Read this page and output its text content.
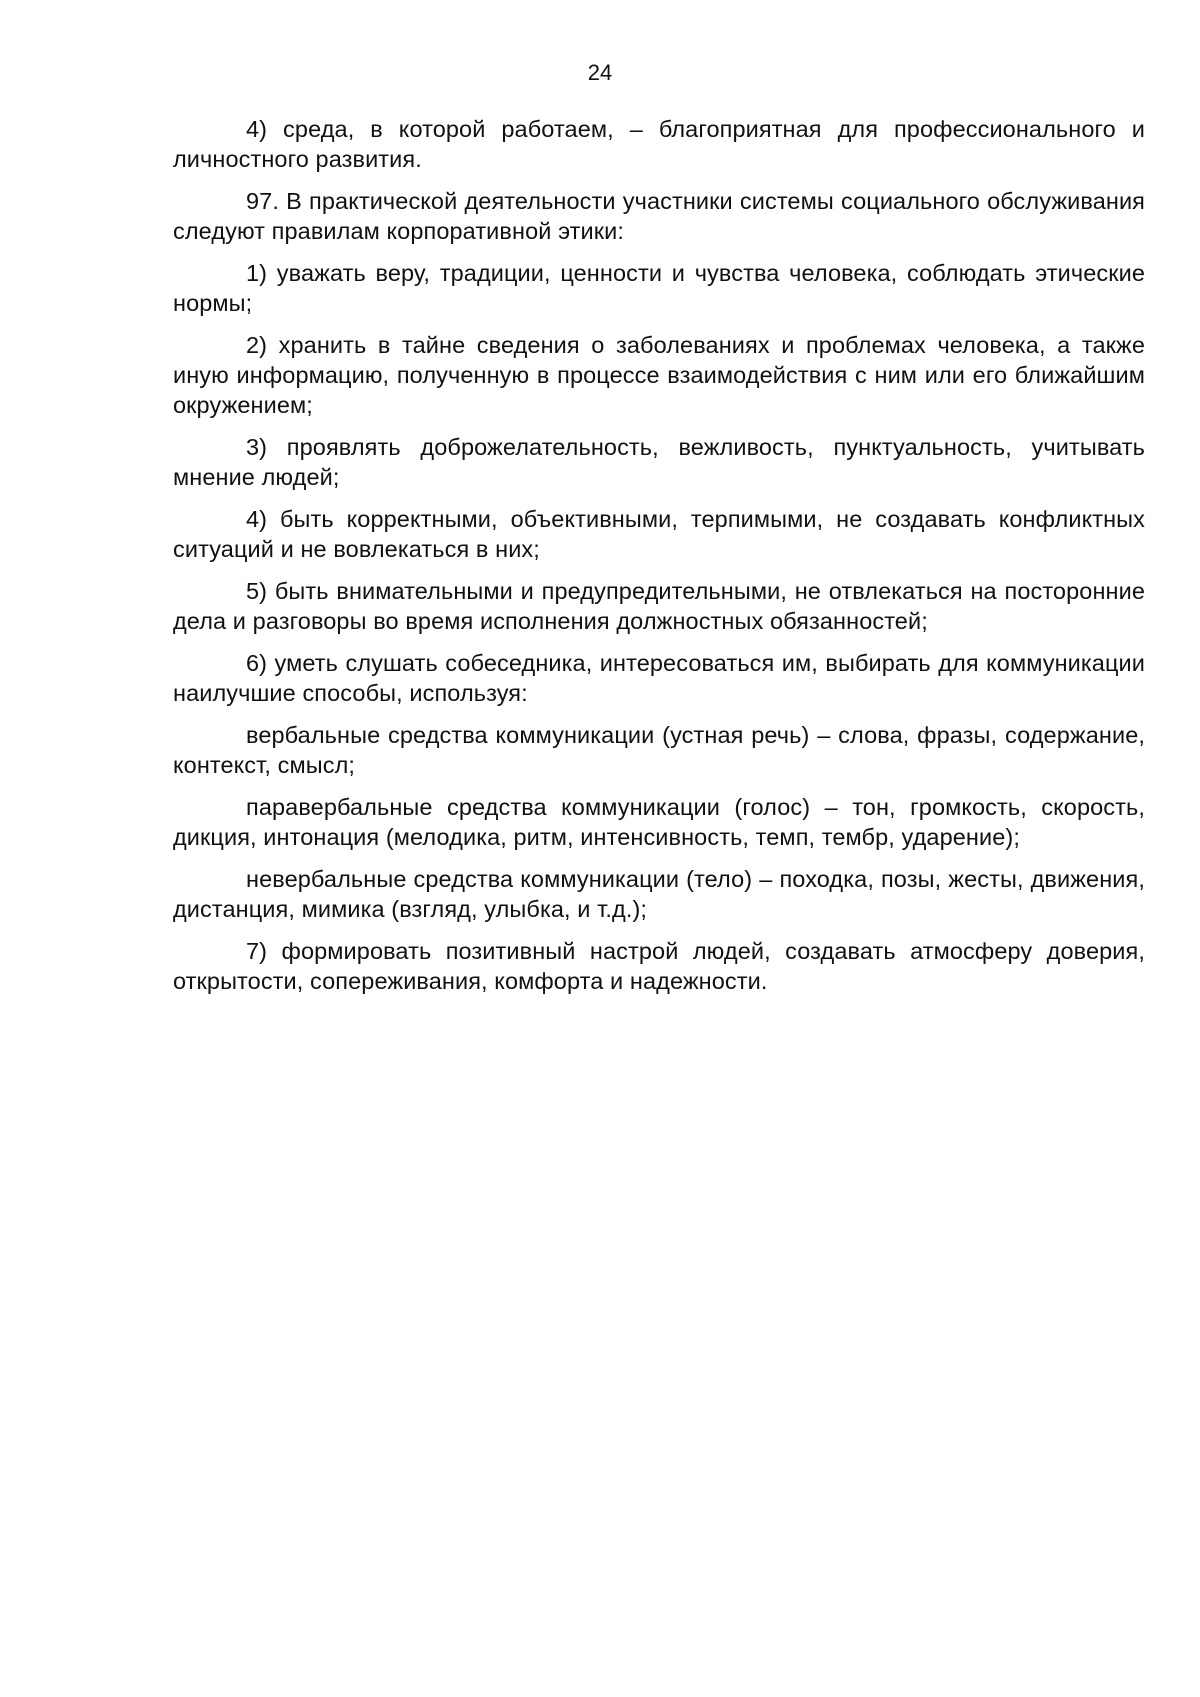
24

4) среда, в которой работаем, – благоприятная для профессионального и личностного развития.

97. В практической деятельности участники системы социального обслуживания следуют правилам корпоративной этики:

1) уважать веру, традиции, ценности и чувства человека, соблюдать этические нормы;

2) хранить в тайне сведения о заболеваниях и проблемах человека, а также иную информацию, полученную в процессе взаимодействия с ним или его ближайшим окружением;

3) проявлять доброжелательность, вежливость, пунктуальность, учитывать мнение людей;

4) быть корректными, объективными, терпимыми, не создавать конфликтных ситуаций и не вовлекаться в них;

5) быть внимательными и предупредительными, не отвлекаться на посторонние дела и разговоры во время исполнения должностных обязанностей;

6) уметь слушать собеседника, интересоваться им, выбирать для коммуникации наилучшие способы, используя:

вербальные средства коммуникации (устная речь) – слова, фразы, содержание, контекст, смысл;

паравербальные средства коммуникации (голос) – тон, громкость, скорость, дикция, интонация (мелодика, ритм, интенсивность, темп, тембр, ударение);

невербальные средства коммуникации (тело) – походка, позы, жесты, движения, дистанция, мимика (взгляд, улыбка, и т.д.);

7) формировать позитивный настрой людей, создавать атмосферу доверия, открытости, сопереживания, комфорта и надежности.
